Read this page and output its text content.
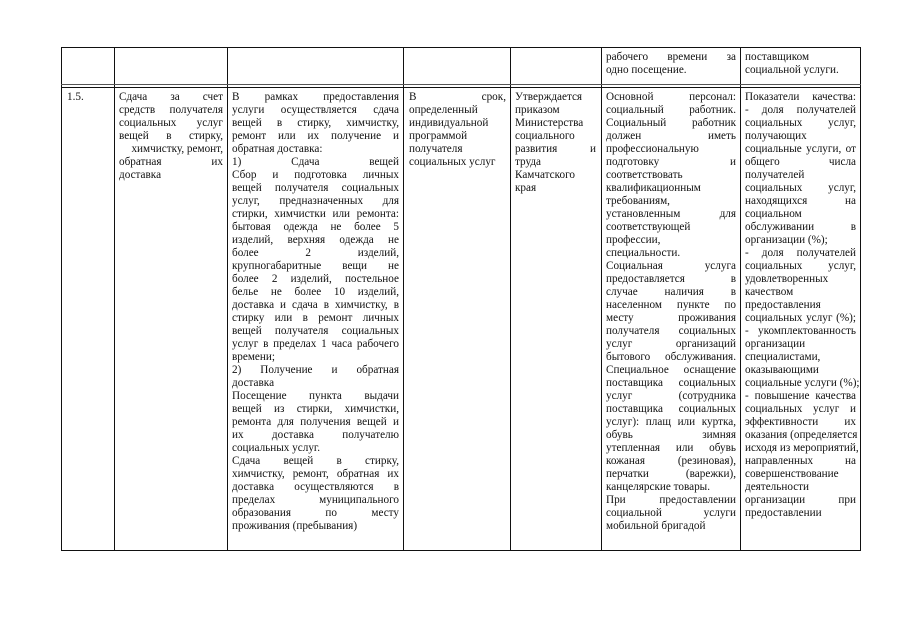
рабочего времени за

одно посещение.

поставщиком

социальной услуги.

1.5.	Сдача за счет

средств получателя

социальных услуг

вещей в стирку,

химчистку, ремонт,

обратная их

доставка

В рамках предоставления

услуги осуществляется сдача

вещей в стирку, химчистку,

ремонт или их получение и

обратная доставка:

1) Сдача вещей

Сбор и подготовка личных

вещей получателя социальных

услуг, предназначенных для

стирки, химчистки или ремонта:

бытовая одежда не более 5

изделий, верхняя одежда не

более 2 изделий,

крупногабаритные вещи не

более 2 изделий, постельное

белье не более 10 изделий,

доставка и сдача в химчистку, в

стирку или в ремонт личных

вещей получателя социальных

услуг в пределах 1 часа рабочего

времени;

2) Получение и обратная

доставка

Посещение пункта выдачи

вещей из стирки, химчистки,

ремонта для получения вещей и

их доставка получателю

социальных услуг.

Сдача вещей в стирку,

химчистку, ремонт, обратная их

доставка осуществляются в

пределах муниципального

образования по месту

проживания (пребывания)

В срок,

определенный

индивидуальной

программой

получателя

социальных услуг

Утверждается

приказом

Министерства

социального

развития и

труда

Камчатского

края

Основной персонал:

социальный работник.

Социальный работник

должен иметь

профессиональную

подготовку и

соответствовать

квалификационным

требованиям,

установленным для

соответствующей

профессии,

специальности.

Социальная услуга

предоставляется в

случае наличия в

населенном пункте по

месту проживания

получателя социальных

услуг организаций

бытового обслуживания.

Специальное оснащение

поставщика социальных

услуг (сотрудника

поставщика социальных

услуг): плащ или куртка,

обувь зимняя

утепленная или обувь

кожаная (резиновая),

перчатки (варежки),

канцелярские товары.

При предоставлении

социальной услуги

мобильной бригадой

Показатели качества:

- доля получателей

социальных услуг,

получающих

социальные услуги, от

общего числа

получателей

социальных услуг,

находящихся на

социальном

обслуживании в

организации (%);

- доля получателей

социальных услуг,

удовлетворенных

качеством

предоставления

социальных услуг (%);

- укомплектованность

организации

специалистами,

оказывающими

социальные услуги (%);

- повышение качества

социальных услуг и

эффективности их

оказания (определяется

исходя из мероприятий,

направленных на

совершенствование

деятельности

организации при

предоставлении
